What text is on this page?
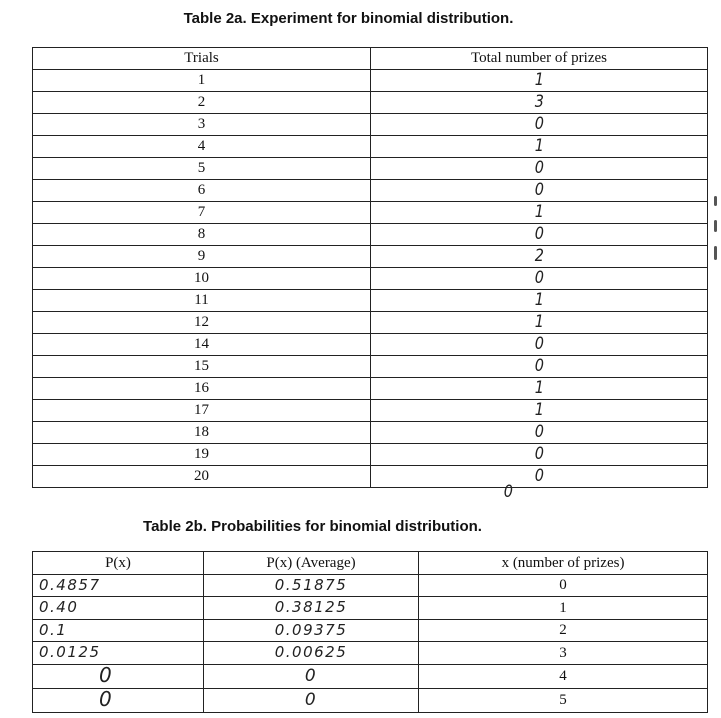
Table 2a. Experiment for binomial distribution.
Trials	Total number of prizes
1	1
2	3
3	0
4	1
5	0
6	0
7	1
8	0
9	2
10	0
11	1
12	1
14	0
15	0
16	1
17	1
18	0
19	0
20	0
0
Table 2b. Probabilities for binomial distribution.
P(x)	P(x) (Average)	x (number of prizes)
0.4857	0.51875	0
0.40	0.38125	1
0.1	0.09375	2
0.0125	0.00625	3
0	0	4
0	0	5
